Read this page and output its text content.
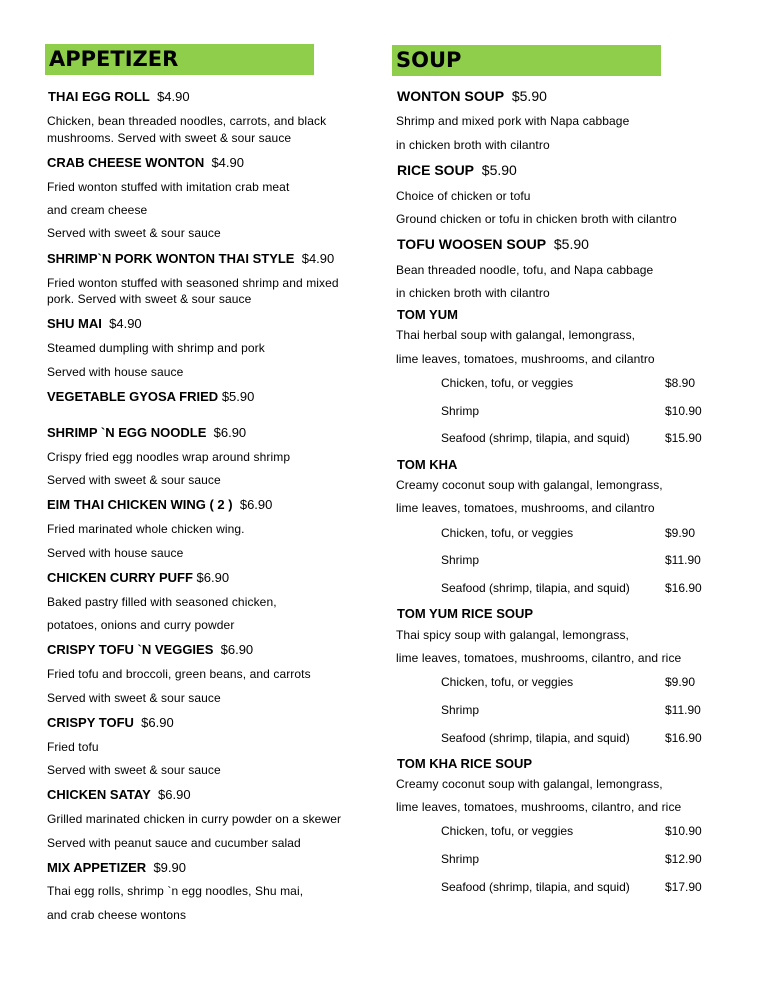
APPETIZER
THAI EGG ROLL $4.90
Chicken, bean threaded noodles, carrots, and black
mushrooms. Served with sweet & sour sauce
CRAB CHEESE WONTON $4.90
Fried wonton stuffed with imitation crab meat
and cream cheese
Served with sweet & sour sauce
SHRIMP`N PORK WONTON THAI STYLE $4.90
Fried wonton stuffed with seasoned shrimp and mixed
pork. Served with sweet & sour sauce
SHU MAI $4.90
Steamed dumpling with shrimp and pork
Served with house sauce
VEGETABLE GYOSA FRIED $5.90
SHRIMP `N EGG NOODLE $6.90
Crispy fried egg noodles wrap around shrimp
Served with sweet & sour sauce
EIM THAI CHICKEN WING ( 2 ) $6.90
Fried marinated whole chicken wing.
Served with house sauce
CHICKEN CURRY PUFF $6.90
Baked pastry filled with seasoned chicken,
potatoes, onions and curry powder
CRISPY TOFU `N VEGGIES $6.90
Fried tofu and broccoli, green beans, and carrots
Served with sweet & sour sauce
CRISPY TOFU $6.90
Fried tofu
Served with sweet & sour sauce
CHICKEN SATAY $6.90
Grilled marinated chicken in curry powder on a skewer
Served with peanut sauce and cucumber salad
MIX APPETIZER $9.90
Thai egg rolls, shrimp `n egg noodles, Shu mai,
and crab cheese wontons
SOUP
WONTON SOUP $5.90
Shrimp and mixed pork with Napa cabbage
in chicken broth with cilantro
RICE SOUP $5.90
Choice of chicken or tofu
Ground chicken or tofu in chicken broth with cilantro
TOFU WOOSEN SOUP $5.90
Bean threaded noodle, tofu, and Napa cabbage
in chicken broth with cilantro
TOM YUM
Thai herbal soup with galangal, lemongrass,
lime leaves, tomatoes, mushrooms, and cilantro
Chicken, tofu, or veggies	$8.90
Shrimp	$10.90
Seafood (shrimp, tilapia, and squid)	$15.90
TOM KHA
Creamy coconut soup with galangal, lemongrass,
lime leaves, tomatoes, mushrooms, and cilantro
Chicken, tofu, or veggies	$9.90
Shrimp	$11.90
Seafood (shrimp, tilapia, and squid)	$16.90
TOM YUM RICE SOUP
Thai spicy soup with galangal, lemongrass,
lime leaves, tomatoes, mushrooms, cilantro, and rice
Chicken, tofu, or veggies	$9.90
Shrimp	$11.90
Seafood (shrimp, tilapia, and squid)	$16.90
TOM KHA RICE SOUP
Creamy coconut soup with galangal, lemongrass,
lime leaves, tomatoes, mushrooms, cilantro, and rice
Chicken, tofu, or veggies	$10.90
Shrimp	$12.90
Seafood (shrimp, tilapia, and squid)	$17.90
